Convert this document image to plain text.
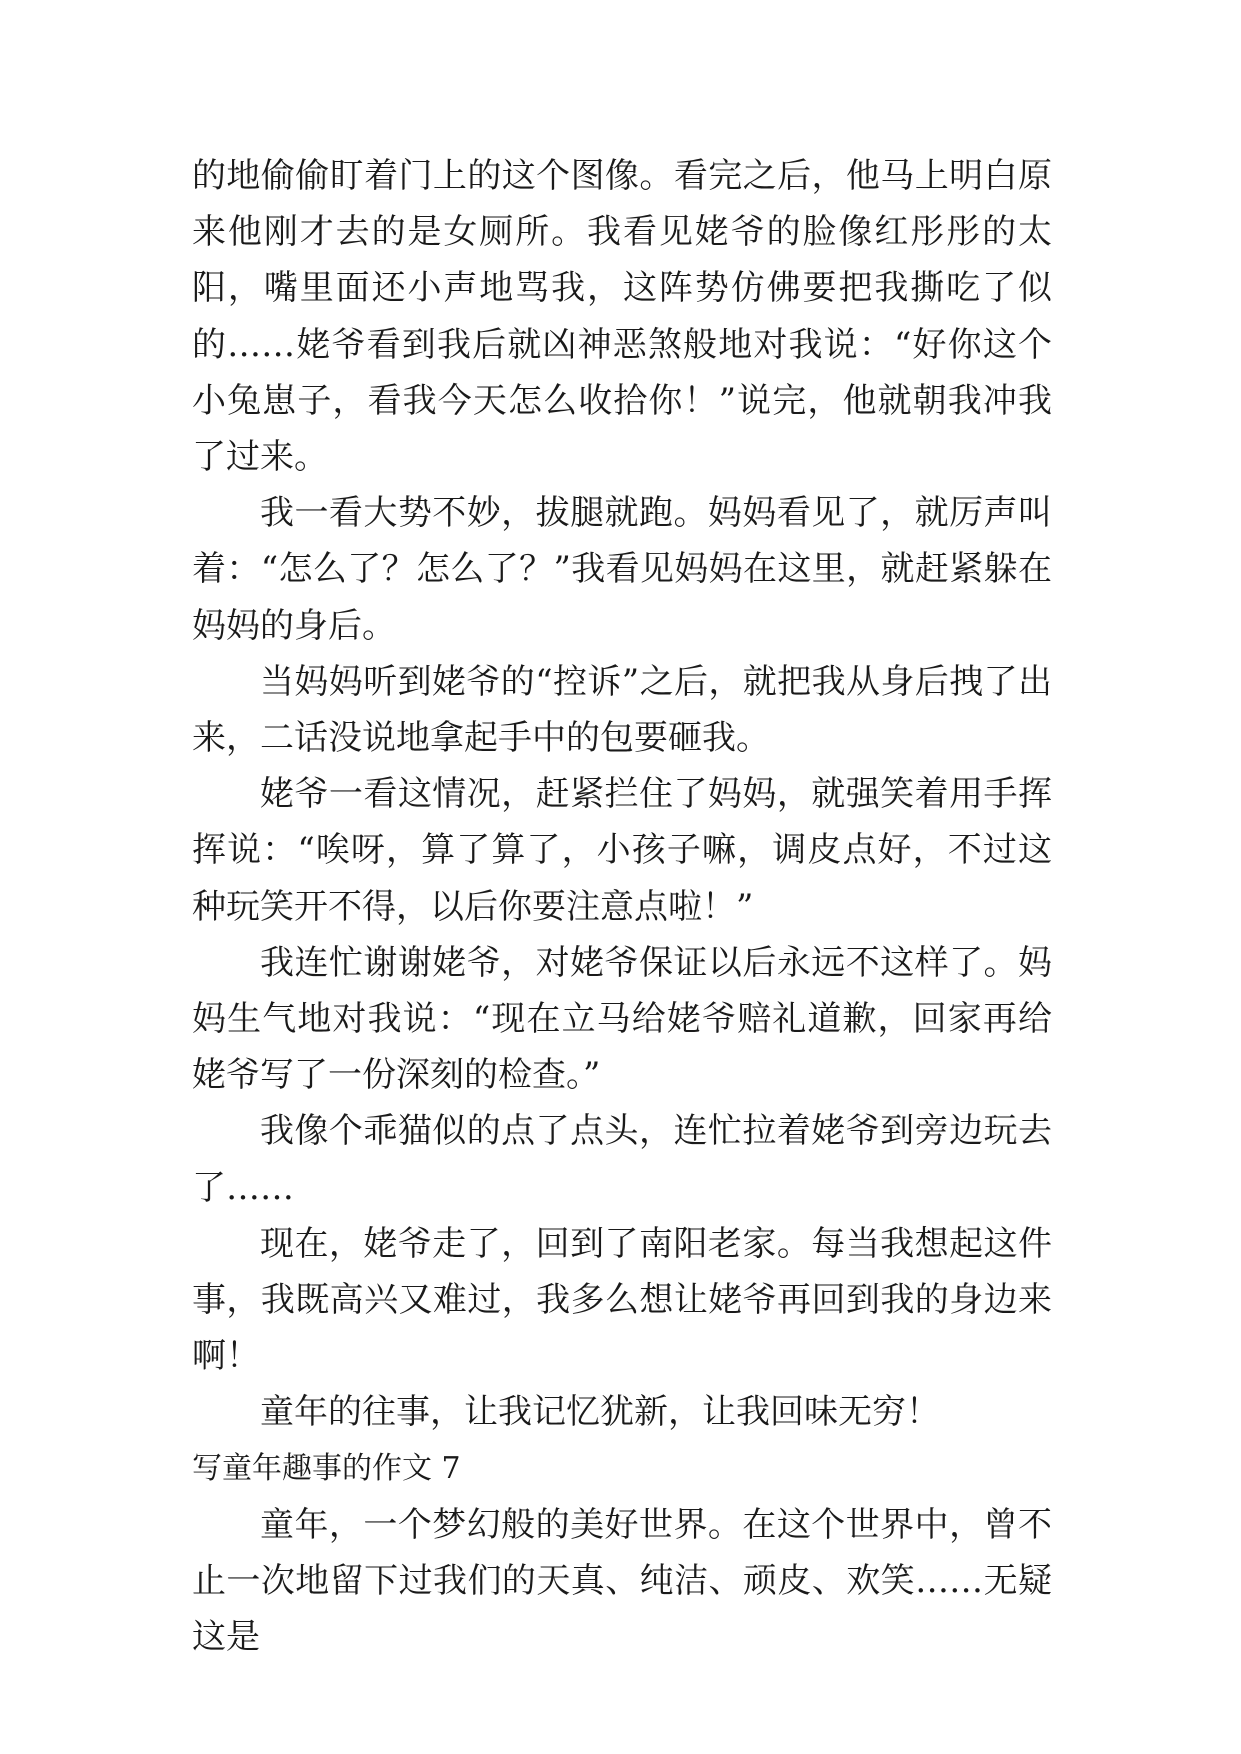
的地偷偷盯着门上的这个图像。看完之后，他马上明白原来他刚才去的是女厕所。我看见姥爷的脸像红彤彤的太阳，嘴里面还小声地骂我，这阵势仿佛要把我撕吃了似的……姥爷看到我后就凶神恶煞般地对我说：“好你这个小兔崽子，看我今天怎么收拾你！”说完，他就朝我冲我了过来。

我一看大势不妙，拔腿就跑。妈妈看见了，就厉声叫着：“怎么了？怎么了？”我看见妈妈在这里，就赶紧躲在妈妈的身后。

当妈妈听到姥爷的“控诉”之后，就把我从身后拽了出来，二话没说地拿起手中的包要砸我。

姥爷一看这情况，赶紧拦住了妈妈，就强笑着用手挥挥说：“唉呀，算了算了，小孩子嘛，调皮点好，不过这种玩笑开不得，以后你要注意点啦！”

我连忙谢谢姥爷，对姥爷保证以后永远不这样了。妈妈生气地对我说：“现在立马给姥爷赔礼道歉，回家再给姥爷写了一份深刻的检查。”

我像个乖猫似的点了点头，连忙拉着姥爷到旁边玩去了……

现在，姥爷走了，回到了南阳老家。每当我想起这件事，我既高兴又难过，我多么想让姥爷再回到我的身边来啊！

童年的往事，让我记忆犹新，让我回味无穷！

写童年趣事的作文 7

童年，一个梦幻般的美好世界。在这个世界中，曾不止一次地留下过我们的天真、纯洁、顽皮、欢笑……无疑这是
